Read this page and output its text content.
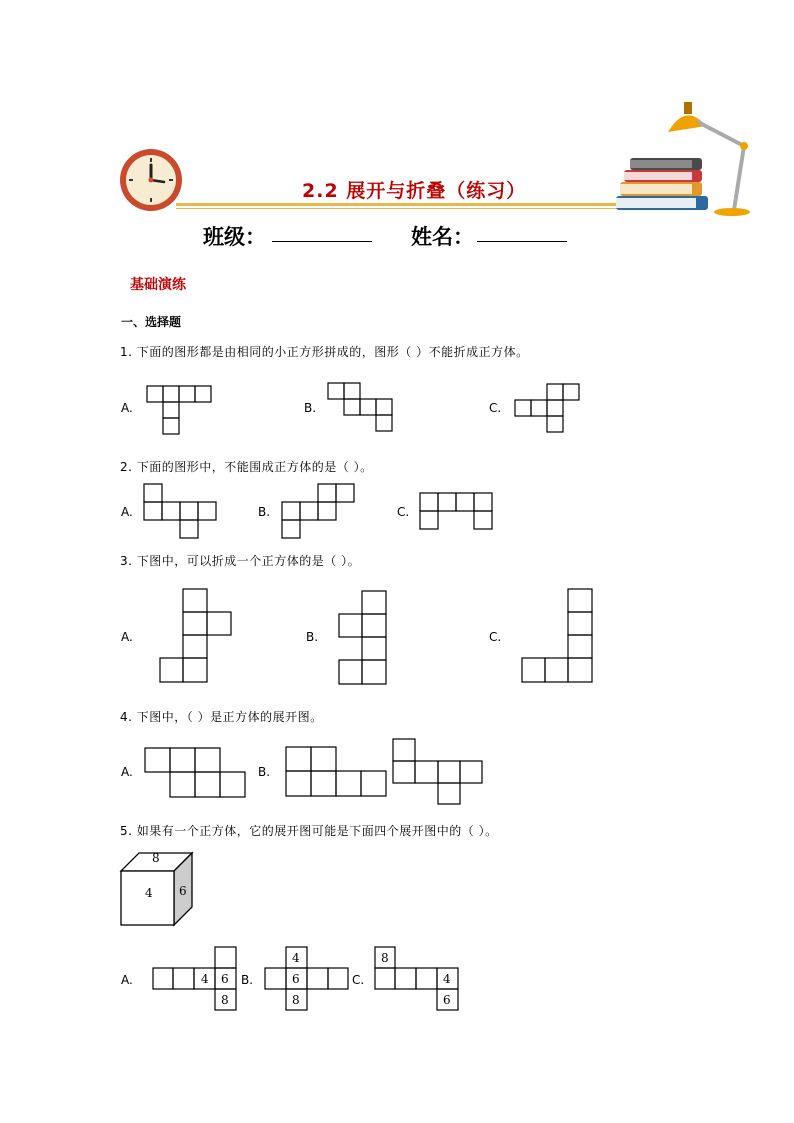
2.2 展开与折叠（练习）
班级：	姓名：
基础演练
一、选择题
1. 下面的图形都是由相同的小正方形拼成的，图形（ ）不能折成正方体。
A.	B.	C.
2. 下面的图形中，不能围成正方体的是（ ）。
A.	B.	C.
3. 下图中，可以折成一个正方体的是（ ）。
A.	B.	C.
4. 下图中，（ ）是正方体的展开图。
A.	B.
5. 如果有一个正方体，它的展开图可能是下面四个展开图中的（ ）。
8
4 6
A.	4 6
8
B.
4
6
8
C.
8
4
6
